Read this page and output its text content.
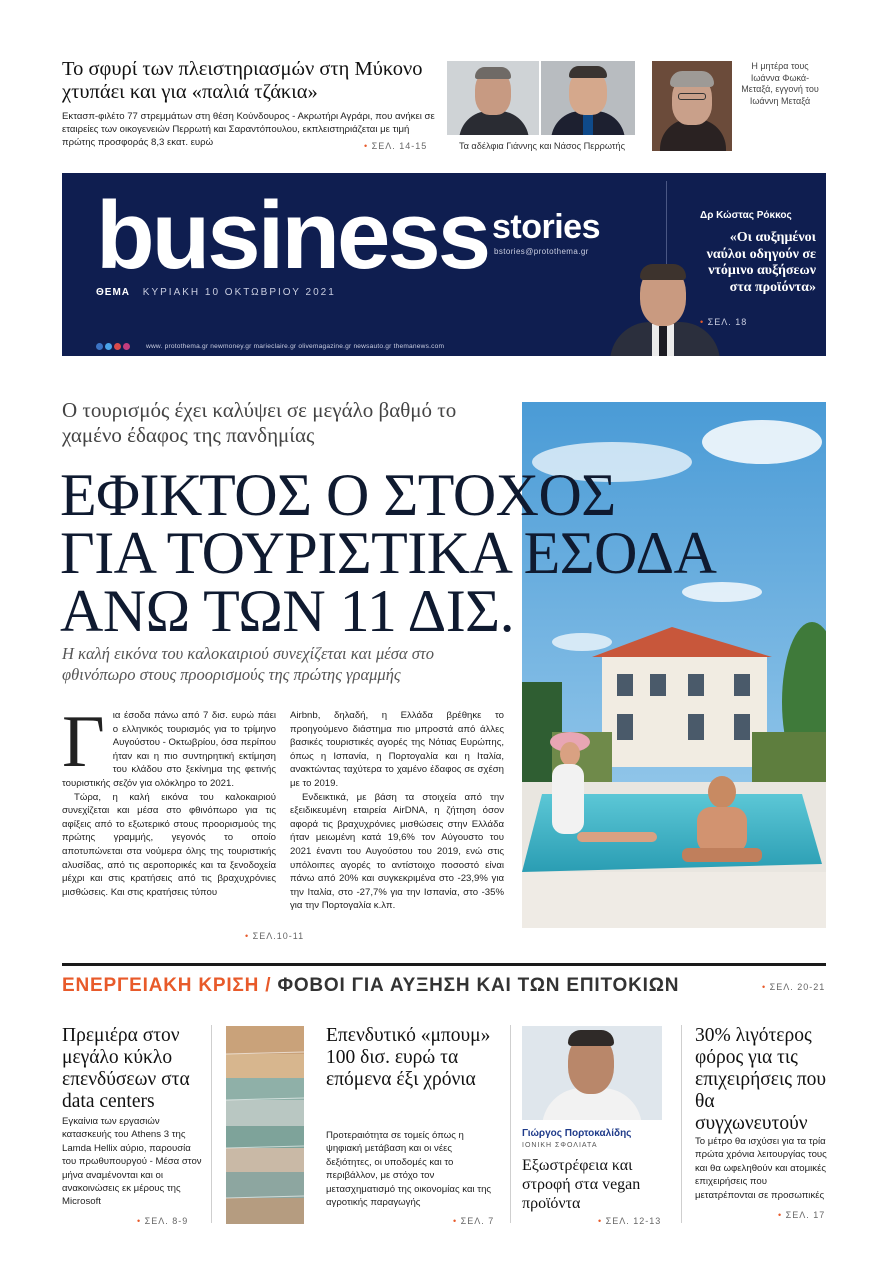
Το σφυρί των πλειστηριασμών στη Μύκονο χτυπάει και για «παλιά τζάκια»
Εκτασπ-φιλέτο 77 στρεμμάτων στη θέση Κούνδουρος - Ακρωτήρι Αγράρι, που ανήκει σε εταιρείες των οικογενειών Περρωτή και Σαραντόπουλου, εκπλειστηριάζεται με τιμή πρώτης προσφοράς 8,3 εκατ. ευρώ	• ΣΕΛ. 14-15	Τα αδέλφια Γιάννης και Νάσος Περρωτής
Η μητέρα τους Ιωάννα Φωκά-Μεταξά, εγγονή του Ιωάννη Μεταξά
business stories
bstories@protothema.gr
ΘΕΜΑ ΚΥΡΙΑΚΗ 10 ΟΚΤΩΒΡΙΟΥ 2021
www. protothema.gr newmoney.gr marieclaire.gr olivemagazine.gr newsauto.gr themanews.com
Δρ Κώστας Ρόκκος
«Οι αυξημένοι ναύλοι οδηγούν σε ντόμινο αυξήσεων στα προϊόντα»
• ΣΕΛ. 18
Ο τουρισμός έχει καλύψει σε μεγάλο βαθμό το χαμένο έδαφος της πανδημίας
ΕΦΙΚΤΟΣ Ο ΣΤΟΧΟΣ
ΓΙΑ ΤΟΥΡΙΣΤΙΚΑ ΕΣΟΔΑ
ΑΝΩ ΤΩΝ 11 ΔΙΣ.
Η καλή εικόνα του καλοκαιριού συνεχίζεται και μέσα στο φθινόπωρο στους προορισμούς της πρώτης γραμμής
Γ ια έσοδα πάνω από 7 δισ. ευρώ πάει ο ελληνικός τουρισμός για το τρίμηνο Αυγούστου - Οκτωβρίου, όσα περίπου ήταν και η πιο συντηρητική εκτίμηση του κλάδου στο ξεκίνημα της φετινής τουριστικής σεζόν για ολόκληρο το 2021.

Τώρα, η καλή εικόνα του καλοκαιριού συνεχίζεται και μέσα στο φθινόπωρο για τις αφίξεις από το εξωτερικό στους προορισμούς της πρώτης γραμμής, γεγονός το οποίο αποτυπώνεται στα νούμερα όλης της τουριστικής αλυσίδας, από τις αεροπορικές και τα ξενοδοχεία μέχρι και στις κρατήσεις από τις βραχυχρόνιες μισθώσεις. Και στις κρατήσεις τύπου

Airbnb, δηλαδή, η Ελλάδα βρέθηκε το προηγούμενο διάστημα πιο μπροστά από άλλες βασικές τουριστικές αγορές της Νότιας Ευρώπης, όπως η Ισπανία, η Πορτογαλία και η Ιταλία, ανακτώντας ταχύτερα το χαμένο έδαφος σε σχέση με το 2019.

Ενδεικτικά, με βάση τα στοιχεία από την εξειδικευμένη εταιρεία AirDNA, η ζήτηση όσον αφορά τις βραχυχρόνιες μισθώσεις στην Ελλάδα ήταν μειωμένη κατά 19,6% τον Αύγουστο του 2021 έναντι του Αυγούστου του 2019, ενώ στις υπόλοιπες αγορές το αντίστοιχο ποσοστό είναι πάνω από 20% και συγκεκριμένα στο -23,9% για την Ιταλία, στο -27,7% για την Ισπανία, στο -35% για την Πορτογαλία κ.λπ.

• ΣΕΛ.10-11
ΕΝΕΡΓΕΙΑΚΗ ΚΡΙΣΗ / ΦΟΒΟΙ ΓΙΑ ΑΥΞΗΣΗ ΚΑΙ ΤΩΝ ΕΠΙΤΟΚΙΩΝ	• ΣΕΛ. 20-21
Πρεμιέρα στον μεγάλο κύκλο επενδύσεων στα data centers
Εγκαίνια των εργασιών κατασκευής του Athens 3 της Lamda Hellix αύριο, παρουσία του πρωθυπουργού - Μέσα στον μήνα αναμένονται και οι ανακοινώσεις εκ μέρους της Microsoft
• ΣΕΛ. 8-9
Επενδυτικό «μπουμ» 100 δισ. ευρώ τα επόμενα έξι χρόνια
Προτεραιότητα σε τομείς όπως η ψηφιακή μετάβαση και οι νέες δεξιότητες, οι υποδομές και το περιβάλλον, με στόχο τον μετασχηματισμό της οικονομίας και της αγροτικής παραγωγής
• ΣΕΛ. 7
Γιώργος Πορτοκαλίδης
ΙΟΝΙΚΗ ΣΦΟΛΙΑΤΑ
Εξωστρέφεια και στροφή στα vegan προϊόντα
• ΣΕΛ. 12-13
30% λιγότερος φόρος για τις επιχειρήσεις που θα συγχωνευτούν
Το μέτρο θα ισχύσει για τα τρία πρώτα χρόνια λειτουργίας τους και θα ωφεληθούν και ατομικές επιχειρήσεις που μετατρέπονται σε προσωπικές
• ΣΕΛ. 17
